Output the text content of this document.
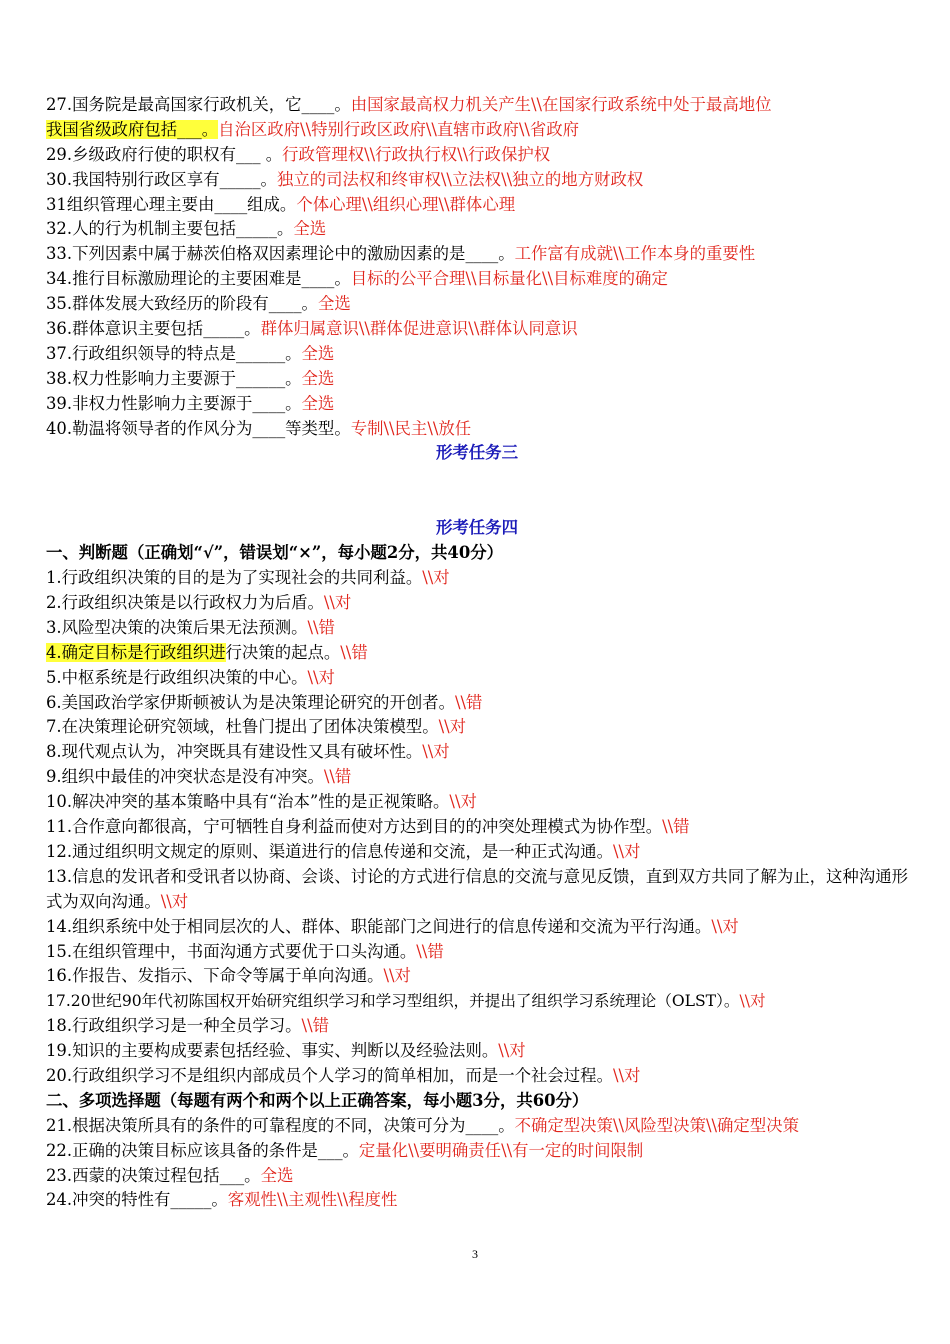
27.国务院是最高国家行政机关，它____。由国家最高权力机关产生\\在国家行政系统中处于最高地位
我国省级政府包括___。自治区政府\\特别行政区政府\\直辖市政府\\省政府
29.乡级政府行使的职权有___ 。行政管理权\\行政执行权\\行政保护权
30.我国特别行政区享有_____。独立的司法权和终审权\\立法权\\独立的地方财政权
31组织管理心理主要由____组成。个体心理\\组织心理\\群体心理
32.人的行为机制主要包括_____。全选
33.下列因素中属于赫茨伯格双因素理论中的激励因素的是____。工作富有成就\\工作本身的重要性
34.推行目标激励理论的主要困难是____。目标的公平合理\\目标量化\\目标难度的确定
35.群体发展大致经历的阶段有____。全选
36.群体意识主要包括_____。群体归属意识\\群体促进意识\\群体认同意识
37.行政组织领导的特点是______。全选
38.权力性影响力主要源于______。全选
39.非权力性影响力主要源于____。全选
40.勒温将领导者的作风分为____等类型。专制\\民主\\放任
形考任务三
形考任务四
一、判断题（正确划“√”，错误划“×”，每小题2分，共40分）
1.行政组织决策的目的是为了实现社会的共同利益。\\对
2.行政组织决策是以行政权力为后盾。\\对
3.风险型决策的决策后果无法预测。\\错
4.确定目标是行政组织进行决策的起点。\\错
5.中枢系统是行政组织决策的中心。\\对
6.美国政治学家伊斯顿被认为是决策理论研究的开创者。\\错
7.在决策理论研究领域，杜鲁门提出了团体决策模型。\\对
8.现代观点认为，冲突既具有建设性又具有破坏性。\\对
9.组织中最佳的冲突状态是没有冲突。\\错
10.解决冲突的基本策略中具有“治本”性的是正视策略。\\对
11.合作意向都很高，宁可牺牲自身利益而使对方达到目的的冲突处理模式为协作型。\\错
12.通过组织明文规定的原则、渠道进行的信息传递和交流，是一种正式沟通。\\对
13.信息的发讯者和受讯者以协商、会谈、讨论的方式进行信息的交流与意见反馈，直到双方共同了解为止，这种沟通形式为双向沟通。\\对
14.组织系统中处于相同层次的人、群体、职能部门之间进行的信息传递和交流为平行沟通。\\对
15.在组织管理中，书面沟通方式要优于口头沟通。\\错
16.作报告、发指示、下命令等属于单向沟通。\\对
17.20世纪90年代初陈国权开始研究组织学习和学习型组织，并提出了组织学习系统理论（OLST）。\\对
18.行政组织学习是一种全员学习。\\错
19.知识的主要构成要素包括经验、事实、判断以及经验法则。\\对
20.行政组织学习不是组织内部成员个人学习的简单相加，而是一个社会过程。\\对
二、多项选择题（每题有两个和两个以上正确答案，每小题3分，共60分）
21.根据决策所具有的条件的可靠程度的不同，决策可分为____。不确定型决策\\风险型决策\\确定型决策
22.正确的决策目标应该具备的条件是___。定量化\\要明确责任\\有一定的时间限制
23.西蒙的决策过程包括___。全选
24.冲突的特性有_____。客观性\\主观性\\程度性
3
